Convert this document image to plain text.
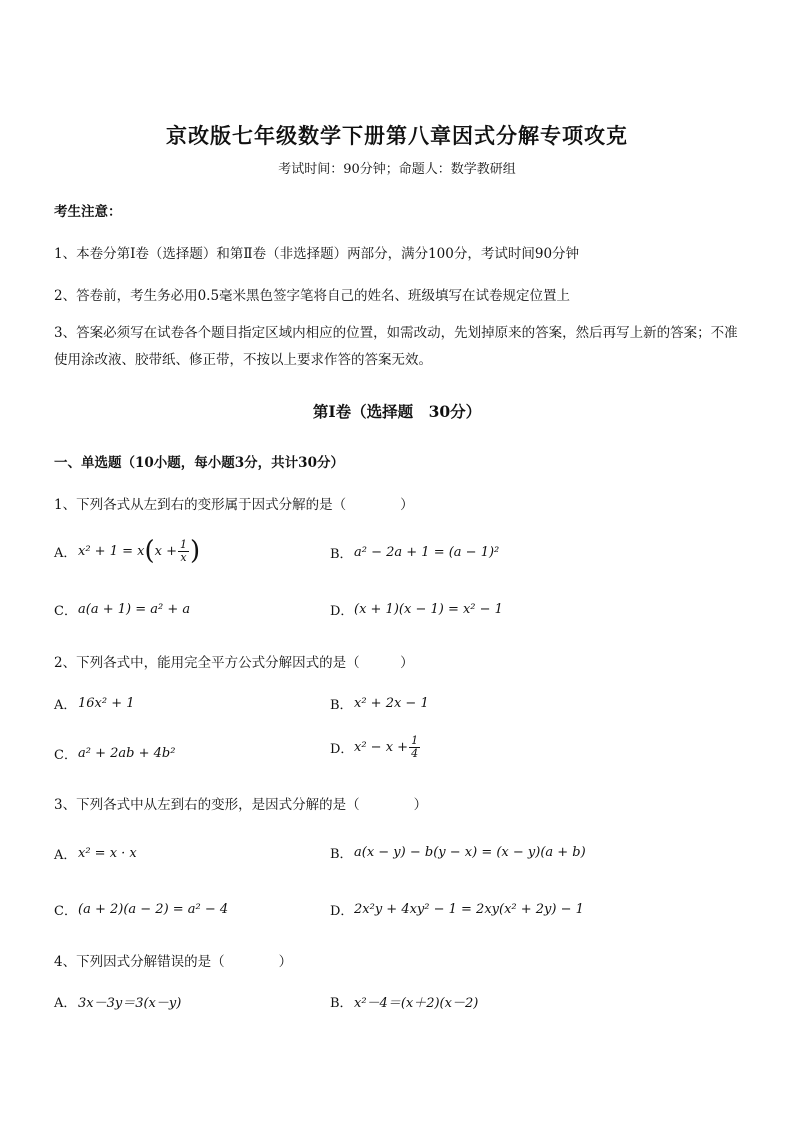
京改版七年级数学下册第八章因式分解专项攻克
考试时间：90分钟；命题人：数学教研组
考生注意：
1、本卷分第Ⅰ卷（选择题）和第Ⅱ卷（非选择题）两部分，满分100分，考试时间90分钟
2、答卷前，考生务必用0.5毫米黑色签字笔将自己的姓名、班级填写在试卷规定位置上
3、答案必须写在试卷各个题目指定区域内相应的位置，如需改动，先划掉原来的答案，然后再写上新的答案；不准使用涂改液、胶带纸、修正带，不按以上要求作答的答案无效。
第Ⅰ卷（选择题　30分）
一、单选题（10小题，每小题3分，共计30分）
1、下列各式从左到右的变形属于因式分解的是（　　　　）
A． x² + 1 = x ( $x + \frac{1}{x}$ )	B． a² − 2a + 1 = (a − 1)²
C． a(a + 1) = a² + a	D． (x + 1)(x − 1) = x² − 1
2、下列各式中，能用完全平方公式分解因式的是（　　　）
A． 16x² + 1	B． x² + 2x − 1
C． a² + 2ab + 4b²	D． $x^2 - x + \frac{1}{4}$
3、下列各式中从左到右的变形，是因式分解的是（　　　　）
A． x² = x · x	B． a(x − y) − b(y − x) = (x − y)(a + b)
C． (a + 2)(a − 2) = a² − 4	D． 2x²y + 4xy² − 1 = 2xy(x² + 2y) − 1
4、下列因式分解错误的是（　　　　）
A． 3x－3y＝3(x－y)	B． x²－4＝(x＋2)(x－2)
